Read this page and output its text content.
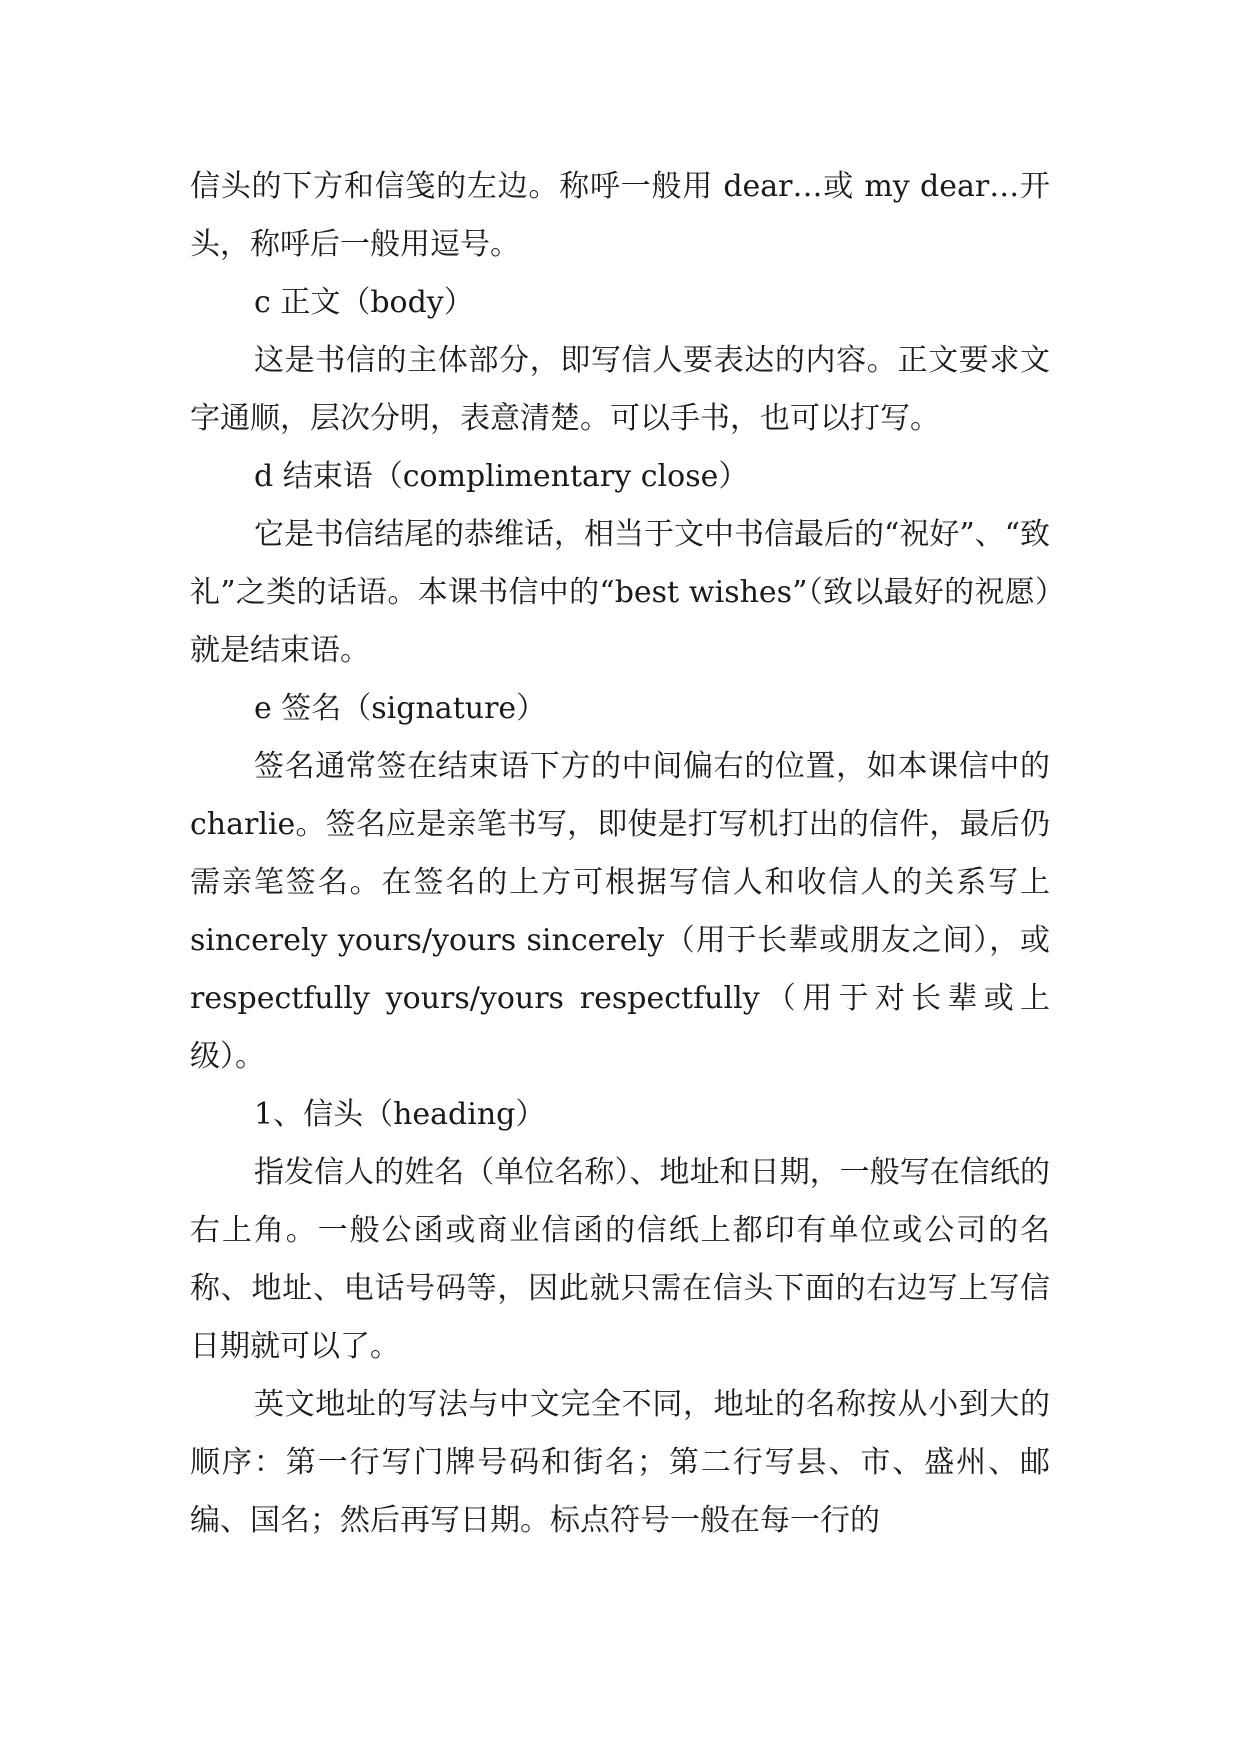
信头的下方和信笺的左边。称呼一般用 dear…或 my dear…开头，称呼后一般用逗号。

c 正文（body）

这是书信的主体部分，即写信人要表达的内容。正文要求文字通顺，层次分明，表意清楚。可以手书，也可以打写。

d 结束语（complimentary close）

它是书信结尾的恭维话，相当于文中书信最后的“祝好”、“致礼”之类的话语。本课书信中的“best wishes”（致以最好的祝愿）就是结束语。

e 签名（signature）

签名通常签在结束语下方的中间偏右的位置，如本课信中的 charlie。签名应是亲笔书写，即使是打写机打出的信件，最后仍需亲笔签名。在签名的上方可根据写信人和收信人的关系写上 sincerely yours/yours sincerely（用于长辈或朋友之间），或 respectfully yours/yours respectfully（用于对长辈或上级）。

1、信头（heading）

指发信人的姓名（单位名称）、地址和日期，一般写在信纸的右上角。一般公函或商业信函的信纸上都印有单位或公司的名称、地址、电话号码等，因此就只需在信头下面的右边写上写信日期就可以了。

英文地址的写法与中文完全不同，地址的名称按从小到大的顺序：第一行写门牌号码和街名；第二行写县、市、盛州、邮编、国名；然后再写日期。标点符号一般在每一行的
